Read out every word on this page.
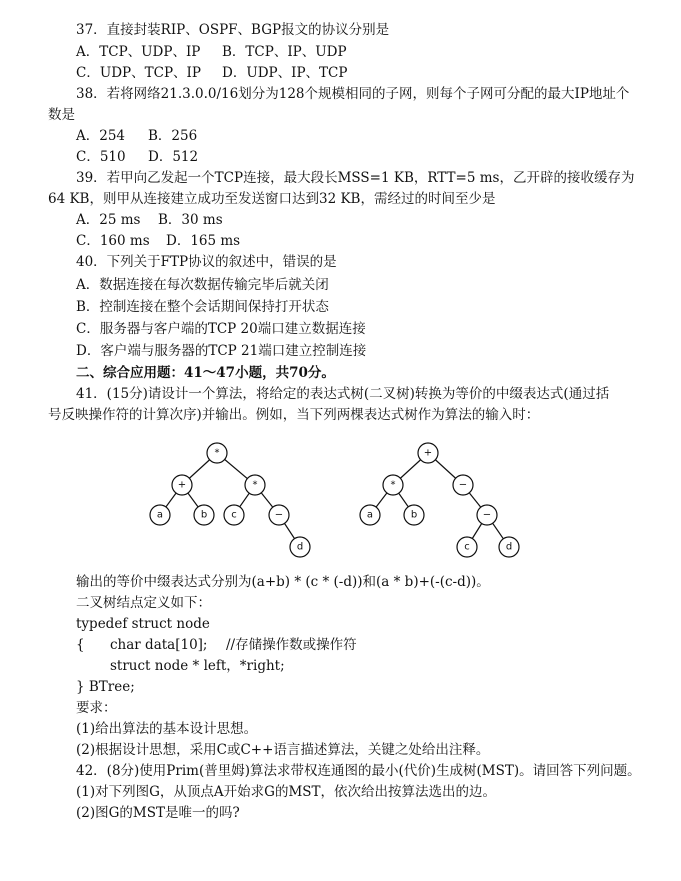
37．直接封装RIP、OSPF、BGP报文的协议分别是
A．TCP、UDP、IP B．TCP、IP、UDP
C．UDP、TCP、IP D．UDP、IP、TCP
38．若将网络21.3.0.0/16划分为128个规模相同的子网，则每个子网可分配的最大IP地址个
数是
A．254 B．256
C．510 D．512
39．若甲向乙发起一个TCP连接，最大段长MSS=1 KB，RTT=5 ms，乙开辟的接收缓存为
64 KB，则甲从连接建立成功至发送窗口达到32 KB，需经过的时间至少是
A．25 ms B．30 ms
C．160 ms D．165 ms
40．下列关于FTP协议的叙述中，错误的是
A．数据连接在每次数据传输完毕后就关闭
B．控制连接在整个会话期间保持打开状态
C．服务器与客户端的TCP 20端口建立数据连接
D．客户端与服务器的TCP 21端口建立控制连接
二、综合应用题：41～47小题，共70分。
41．(15分)请设计一个算法，将给定的表达式树(二叉树)转换为等价的中缀表达式(通过括
号反映操作符的计算次序)并输出。例如，当下列两棵表达式树作为算法的输入时：
*
+	*
a	b c	−
d
+
*	−
a	b	−
c	d
输出的等价中缀表达式分别为(a+b) * (c * (-d))和(a * b)+(-(c-d))。
二叉树结点定义如下：
typedef struct node
{ char data[10]; //存储操作数或操作符
struct node * left，*right;
} BTree;
要求：
(1)给出算法的基本设计思想。
(2)根据设计思想，采用C或C++语言描述算法，关键之处给出注释。
42．(8分)使用Prim(普里姆)算法求带权连通图的最小(代价)生成树(MST)。请回答下列问题。
(1)对下列图G，从顶点A开始求G的MST，依次给出按算法选出的边。
(2)图G的MST是唯一的吗?
